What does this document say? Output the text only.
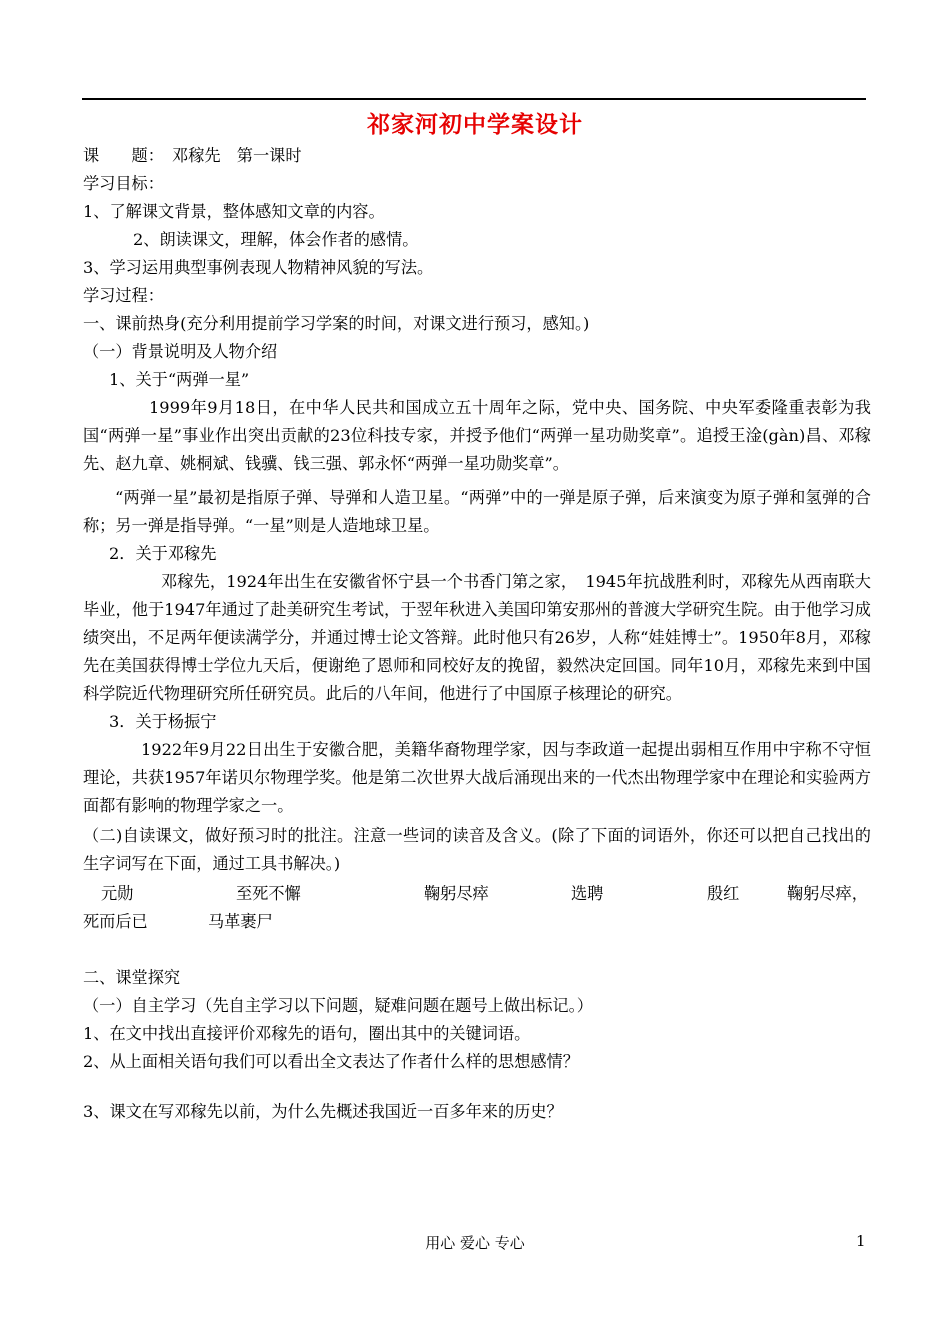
祁家河初中学案设计
课　　题：　邓稼先　第一课时
学习目标：
1、了解课文背景，整体感知文章的内容。
2、朗读课文，理解，体会作者的感情。
3、学习运用典型事例表现人物精神风貌的写法。
学习过程：
一、课前热身(充分利用提前学习学案的时间，对课文进行预习，感知。)
（一）背景说明及人物介绍
1、关于“两弹一星”
1999年9月18日，在中华人民共和国成立五十周年之际，党中央、国务院、中央军委隆重表彰为我国“两弹一星”事业作出突出贡献的23位科技专家，并授予他们“两弹一星功勋奖章”。追授王淦(gàn)昌、邓稼先、赵九章、姚桐斌、钱骥、钱三强、郭永怀“两弹一星功勋奖章”。
“两弹一星”最初是指原子弹、导弹和人造卫星。“两弹”中的一弹是原子弹，后来演变为原子弹和氢弹的合称；另一弹是指导弹。“一星”则是人造地球卫星。
2．关于邓稼先
邓稼先，1924年出生在安徽省怀宁县一个书香门第之家，　1945年抗战胜利时，邓稼先从西南联大毕业，他于1947年通过了赴美研究生考试，于翌年秋进入美国印第安那州的普渡大学研究生院。由于他学习成绩突出，不足两年便读满学分，并通过博士论文答辩。此时他只有26岁，人称“娃娃博士”。1950年8月，邓稼先在美国获得博士学位九天后，便谢绝了恩师和同校好友的挽留，毅然决定回国。同年10月，邓稼先来到中国科学院近代物理研究所任研究员。此后的八年间，他进行了中国原子核理论的研究。
3．关于杨振宁
1922年9月22日出生于安徽合肥，美籍华裔物理学家，因与李政道一起提出弱相互作用中宇称不守恒理论，共获1957年诺贝尔物理学奖。他是第二次世界大战后涌现出来的一代杰出物理学家中在理论和实验两方面都有影响的物理学家之一。
（二)自读课文，做好预习时的批注。注意一些词的读音及含义。(除了下面的词语外，你还可以把自己找出的生字词写在下面，通过工具书解决。)
元勋	至死不懈	鞠躬尽瘁	选聘	殷红	鞠躬尽瘁，
死而后已	马革裹尸
二、课堂探究
（一）自主学习（先自主学习以下问题，疑难问题在题号上做出标记。）
1、在文中找出直接评价邓稼先的语句，圈出其中的关键词语。
2、从上面相关语句我们可以看出全文表达了作者什么样的思想感情？
3、课文在写邓稼先以前，为什么先概述我国近一百多年来的历史？
用心 爱心 专心	1
